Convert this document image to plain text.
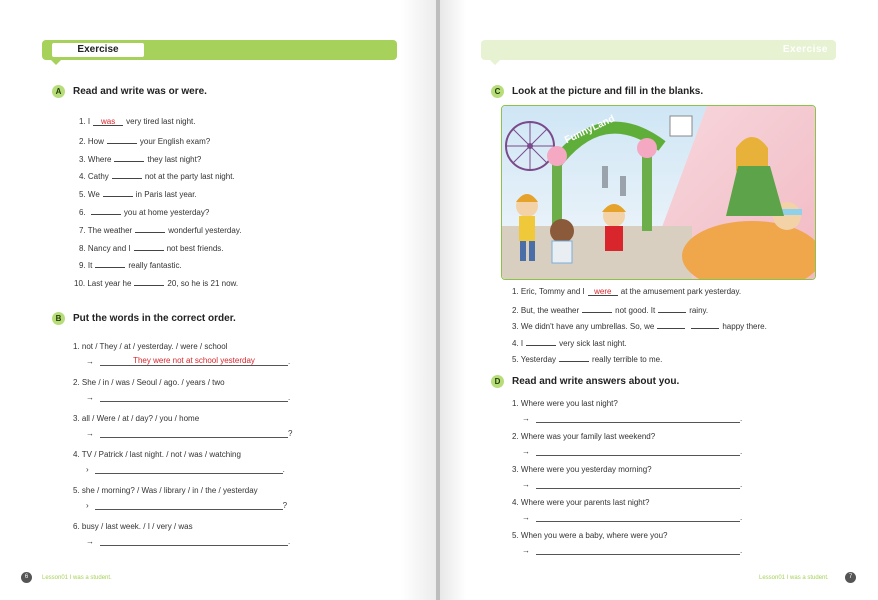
Exercise
A	Read and write was or were.
1. I was very tired last night.
2. How	your English exam?
3. Where	they last night?
4. Cathy	not at the party last night.
5. We	in Paris last year.
6.	you at home yesterday?
7. The weather	wonderful yesterday.
8. Nancy and I	not best friends.
9. It	really fantastic.
10. Last year he	20, so he is 21 now.
B	Put the words in the correct order.
1. not / They / at / yesterday. / were / school
→	They were not at school yesterday	.
2. She / in / was / Seoul / ago. / years / two
→	.
3. all / Were / at / day? / you / home
→	?
4. TV / Patrick / last night. / not / was / watching
›	.
5. she / morning? / Was / library / in / the / yesterday
›	?
6. busy / last week. / I / very / was
→	.
6	Lesson01 I was a student.
Exercise
C	Look at the picture and fill in the blanks.
FunnyLand
1. Eric, Tommy and I were at the amusement park yesterday.
2. But, the weather	not good. It	rainy.
3. We didn't have any umbrellas. So, we	happy there.
4. I	very sick last night.
5. Yesterday	really terrible to me.
D	Read and write answers about you.
1. Where were you last night?
→	.
2. Where was your family last weekend?
→	.
3. Where were you yesterday morning?
→	.
4. Where were your parents last night?
→	.
5. When you were a baby, where were you?
→	.
Lesson01 I was a student.	7
